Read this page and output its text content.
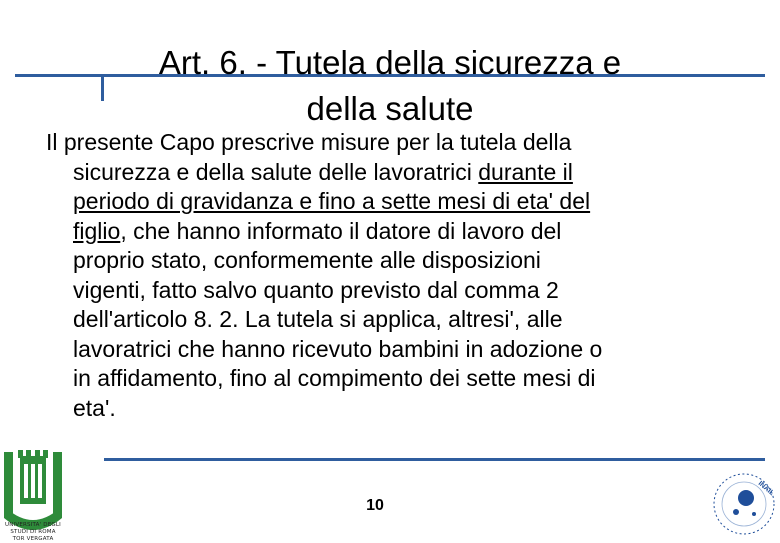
Art. 6. - Tutela della sicurezza e
della salute

Il presente Capo prescrive misure per la tutela della
sicurezza e della salute delle lavoratrici durante il
periodo di gravidanza e fino a sette mesi di eta' del
figlio, che hanno informato il datore di lavoro del
proprio stato, conformemente alle disposizioni
vigenti, fatto salvo quanto previsto dal comma 2
dell'articolo 8. 2. La tutela si applica, altresi', alle
lavoratrici che hanno ricevuto bambini in adozione o
in affidamento, fino al compimento dei sette mesi di
eta'.

10
UNIVERSITA' DEGLI STUDI DI ROMA
TOR VERGATA
INAIL
